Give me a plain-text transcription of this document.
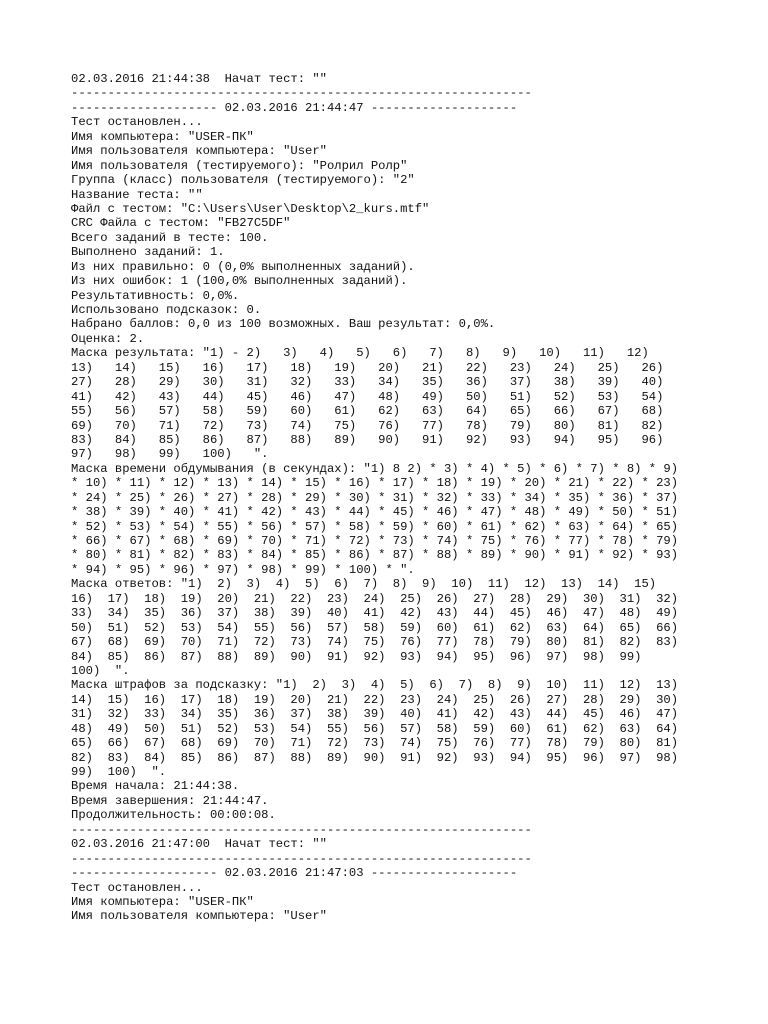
02.03.2016 21:44:38  Начат тест: ""
---------------------------------------------------------------
-------------------- 02.03.2016 21:44:47 --------------------
Тест остановлен...
Имя компьютера: "USER-ПК"
Имя пользователя компьютера: "User"
Имя пользователя (тестируемого): "Ролрил Ролр"
Группа (класс) пользователя (тестируемого): "2"
Название теста: ""
Файл с тестом: "C:\Users\User\Desktop\2_kurs.mtf"
CRC Файла с тестом: "FB27C5DF"
Всего заданий в тесте: 100.
Выполнено заданий: 1.
Из них правильно: 0 (0,0% выполненных заданий).
Из них ошибок: 1 (100,0% выполненных заданий).
Результативность: 0,0%.
Использовано подсказок: 0.
Набрано баллов: 0,0 из 100 возможных. Ваш результат: 0,0%.
Оценка: 2.
Маска результата: "1) - 2)   3)   4)   5)   6)   7)   8)   9)   10)   11)   12)
13)   14)   15)   16)   17)   18)   19)   20)   21)   22)   23)   24)   25)   26)
27)   28)   29)   30)   31)   32)   33)   34)   35)   36)   37)   38)   39)   40)
41)   42)   43)   44)   45)   46)   47)   48)   49)   50)   51)   52)   53)   54)
55)   56)   57)   58)   59)   60)   61)   62)   63)   64)   65)   66)   67)   68)
69)   70)   71)   72)   73)   74)   75)   76)   77)   78)   79)   80)   81)   82)
83)   84)   85)   86)   87)   88)   89)   90)   91)   92)   93)   94)   95)   96)
97)   98)   99)   100)   ".
Маска времени обдумывания (в секундах): "1) 8 2) * 3) * 4) * 5) * 6) * 7) * 8) * 9)
* 10) * 11) * 12) * 13) * 14) * 15) * 16) * 17) * 18) * 19) * 20) * 21) * 22) * 23)
* 24) * 25) * 26) * 27) * 28) * 29) * 30) * 31) * 32) * 33) * 34) * 35) * 36) * 37)
* 38) * 39) * 40) * 41) * 42) * 43) * 44) * 45) * 46) * 47) * 48) * 49) * 50) * 51)
* 52) * 53) * 54) * 55) * 56) * 57) * 58) * 59) * 60) * 61) * 62) * 63) * 64) * 65)
* 66) * 67) * 68) * 69) * 70) * 71) * 72) * 73) * 74) * 75) * 76) * 77) * 78) * 79)
* 80) * 81) * 82) * 83) * 84) * 85) * 86) * 87) * 88) * 89) * 90) * 91) * 92) * 93)
* 94) * 95) * 96) * 97) * 98) * 99) * 100) * ".
Маска ответов: "1)  2)  3)  4)  5)  6)  7)  8)  9)  10)  11)  12)  13)  14)  15)
16)  17)  18)  19)  20)  21)  22)  23)  24)  25)  26)  27)  28)  29)  30)  31)  32)
33)  34)  35)  36)  37)  38)  39)  40)  41)  42)  43)  44)  45)  46)  47)  48)  49)
50)  51)  52)  53)  54)  55)  56)  57)  58)  59)  60)  61)  62)  63)  64)  65)  66)
67)  68)  69)  70)  71)  72)  73)  74)  75)  76)  77)  78)  79)  80)  81)  82)  83)
84)  85)  86)  87)  88)  89)  90)  91)  92)  93)  94)  95)  96)  97)  98)  99)
100)  ".
Маска штрафов за подсказку: "1)  2)  3)  4)  5)  6)  7)  8)  9)  10)  11)  12)  13)
14)  15)  16)  17)  18)  19)  20)  21)  22)  23)  24)  25)  26)  27)  28)  29)  30)
31)  32)  33)  34)  35)  36)  37)  38)  39)  40)  41)  42)  43)  44)  45)  46)  47)
48)  49)  50)  51)  52)  53)  54)  55)  56)  57)  58)  59)  60)  61)  62)  63)  64)
65)  66)  67)  68)  69)  70)  71)  72)  73)  74)  75)  76)  77)  78)  79)  80)  81)
82)  83)  84)  85)  86)  87)  88)  89)  90)  91)  92)  93)  94)  95)  96)  97)  98)
99)  100)  ".
Время начала: 21:44:38.
Время завершения: 21:44:47.
Продолжительность: 00:00:08.
---------------------------------------------------------------
02.03.2016 21:47:00  Начат тест: ""
---------------------------------------------------------------
-------------------- 02.03.2016 21:47:03 --------------------
Тест остановлен...
Имя компьютера: "USER-ПК"
Имя пользователя компьютера: "User"
